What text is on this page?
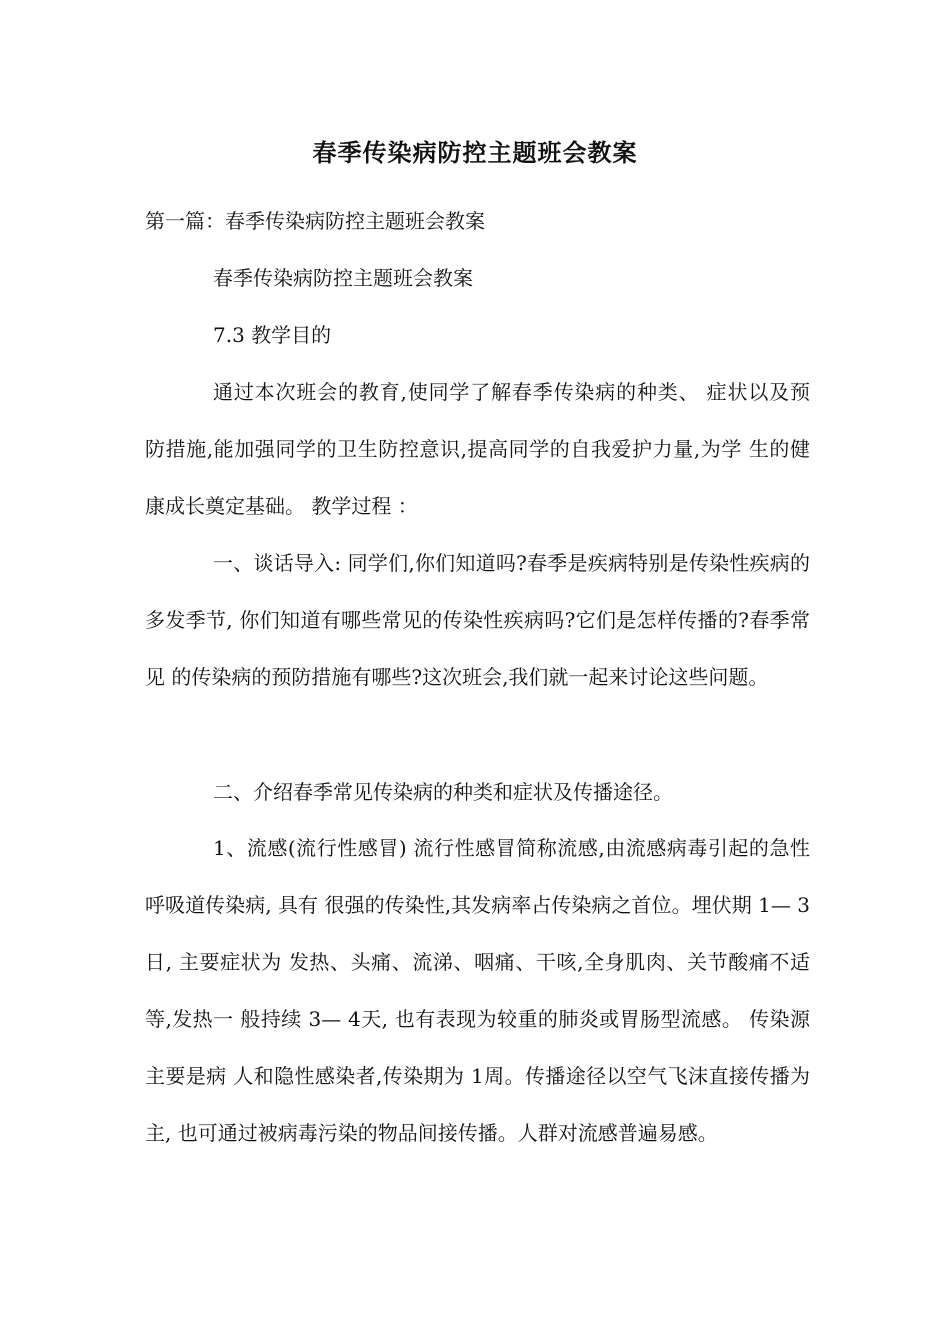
春季传染病防控主题班会教案
第一篇：春季传染病防控主题班会教案
春季传染病防控主题班会教案
7.3 教学目的
通过本次班会的教育,使同学了解春季传染病的种类、 症状以及预 防措施,能加强同学的卫生防控意识,提高同学的自我爱护力量,为学 生的健康成长奠定基础。 教学过程 ：
一、谈话导入: 同学们,你们知道吗?春季是疾病特别是传染性疾病的多发季节, 你们知道有哪些常见的传染性疾病吗?它们是怎样传播的?春季常见 的传染病的预防措施有哪些?这次班会,我们就一起来讨论这些问题。
二、介绍春季常见传染病的种类和症状及传播途径。
1、流感(流行性感冒) 流行性感冒简称流感,由流感病毒引起的急性呼吸道传染病, 具有 很强的传染性,其发病率占传染病之首位。埋伏期 1— 3日, 主要症状为 发热、头痛、流涕、咽痛、干咳,全身肌肉、关节酸痛不适等,发热一 般持续 3— 4天, 也有表现为较重的肺炎或胃肠型流感。 传染源主要是病 人和隐性感染者,传染期为 1周。传播途径以空气飞沫直接传播为主, 也可通过被病毒污染的物品间接传播。人群对流感普遍易感。
